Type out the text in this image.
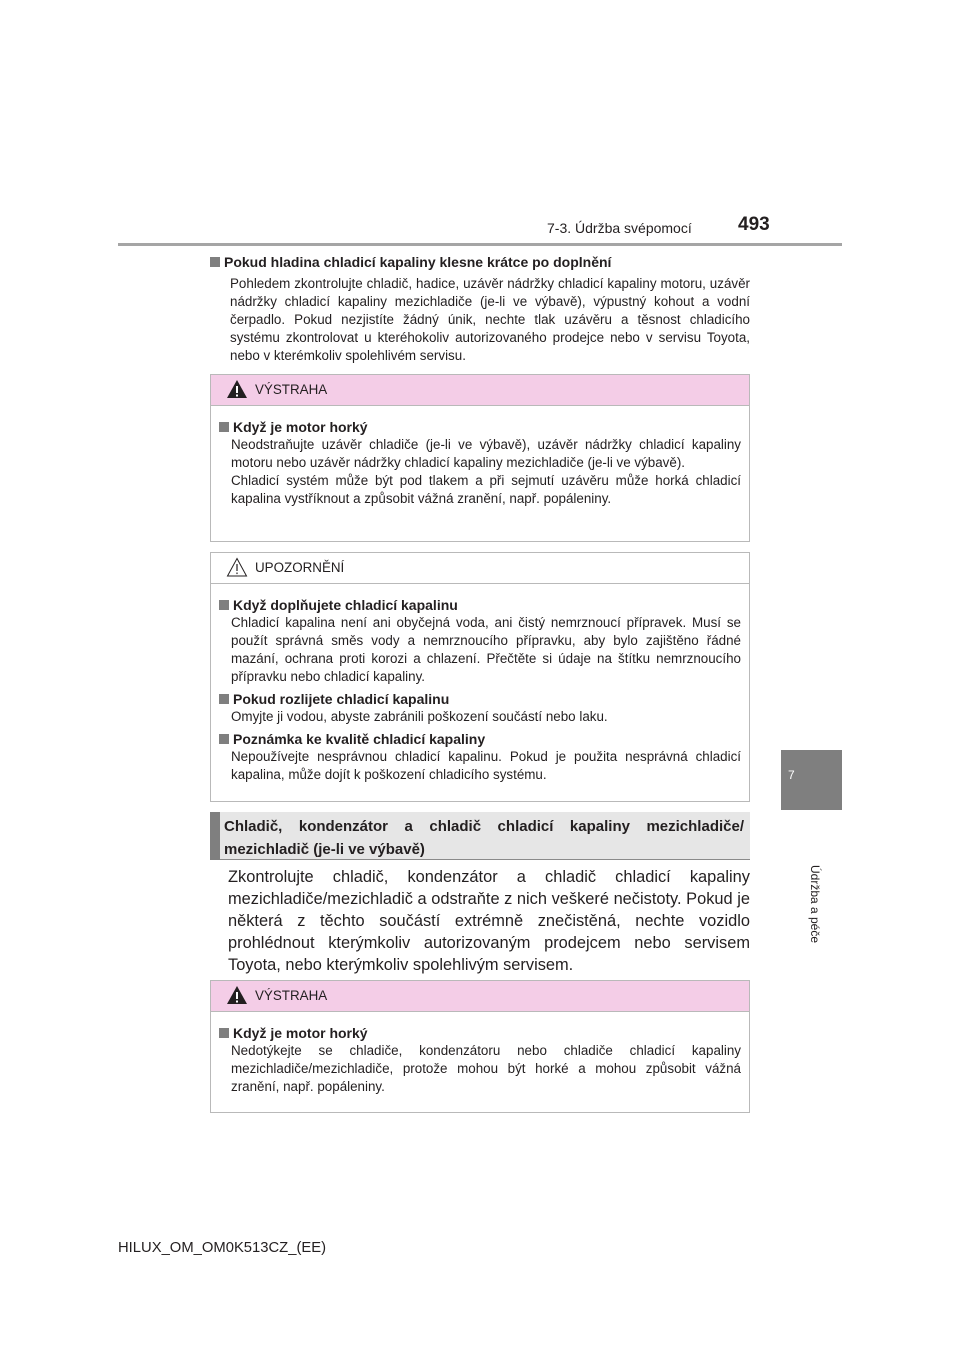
7-3. Údržba svépomocí 493
7
Údržba a péče
Pokud hladina chladicí kapaliny klesne krátce po doplnění
Pohledem zkontrolujte chladič, hadice, uzávěr nádržky chladicí kapaliny motoru, uzávěr nádržky chladicí kapaliny mezichladiče (je-li ve výbavě), výpustný kohout a vodní čerpadlo. Pokud nezjistíte žádný únik, nechte tlak uzávěru a těsnost chladicího systému zkontrolovat u kteréhokoliv autorizovaného prodejce nebo v servisu Toyota, nebo v kterémkoliv spolehlivém servisu.
VÝSTRAHA
Když je motor horký
Neodstraňujte uzávěr chladiče (je-li ve výbavě), uzávěr nádržky chladicí kapaliny motoru nebo uzávěr nádržky chladicí kapaliny mezichladiče (je-li ve výbavě).
Chladicí systém může být pod tlakem a při sejmutí uzávěru může horká chladicí kapalina vystříknout a způsobit vážná zranění, např. popáleniny.
UPOZORNĚNÍ
Když doplňujete chladicí kapalinu
Chladicí kapalina není ani obyčejná voda, ani čistý nemrznoucí přípravek. Musí se použít správná směs vody a nemrznoucího přípravku, aby bylo zajištěno řádné mazání, ochrana proti korozi a chlazení. Přečtěte si údaje na štítku nemrznoucího přípravku nebo chladicí kapaliny.
Pokud rozlijete chladicí kapalinu
Omyjte ji vodou, abyste zabránili poškození součástí nebo laku.
Poznámka ke kvalitě chladicí kapaliny
Nepoužívejte nesprávnou chladicí kapalinu. Pokud je použita nesprávná chladicí kapalina, může dojít k poškození chladicího systému.
Chladič, kondenzátor a chladič chladicí kapaliny mezichladiče/ mezichladič (je-li ve výbavě)
Zkontrolujte chladič, kondenzátor a chladič chladicí kapaliny mezichladiče/mezichladič a odstraňte z nich veškeré nečistoty. Pokud je některá z těchto součástí extrémně znečistěná, nechte vozidlo prohlédnout kterýmkoliv autorizovaným prodejcem nebo servisem Toyota, nebo kterýmkoliv spolehlivým servisem.
VÝSTRAHA
Když je motor horký
Nedotýkejte se chladiče, kondenzátoru nebo chladiče chladicí kapaliny mezichladiče/mezichladiče, protože mohou být horké a mohou způsobit vážná zranění, např. popáleniny.
HILUX_OM_OM0K513CZ_(EE)
